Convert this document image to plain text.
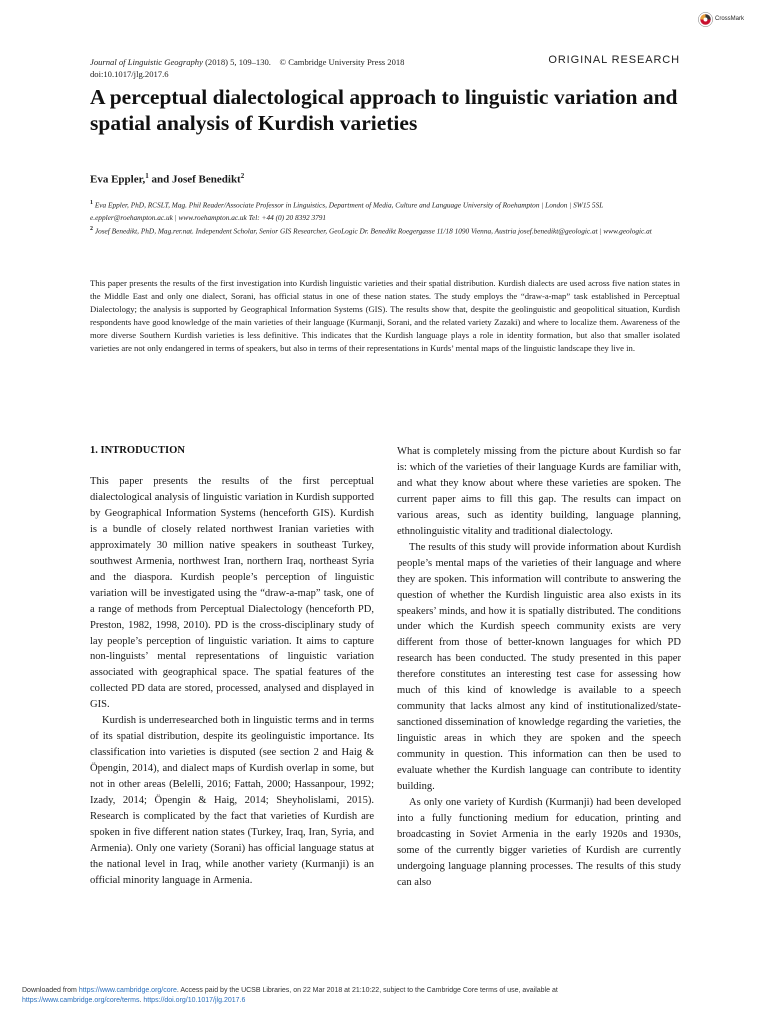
CrossMark
Journal of Linguistic Geography (2018) 5, 109–130. © Cambridge University Press 2018
doi:10.1017/jlg.2017.6
ORIGINAL RESEARCH
A perceptual dialectological approach to linguistic variation and spatial analysis of Kurdish varieties
Eva Eppler,$^1$ and Josef Benedikt$^2$
$^1$ Eva Eppler, PhD, RCSLT, Mag. Phil Reader/Associate Professor in Linguistics, Department of Media, Culture and Language University of Roehampton | London | SW15 5SL e.eppler@roehampton.ac.uk | www.roehampton.ac.uk Tel: +44 (0) 20 8392 3791
$^2$ Josef Benedikt, PhD, Mag.rer.nat. Independent Scholar, Senior GIS Researcher, GeoLogic Dr. Benedikt Roegergasse 11/18 1090 Vienna, Austria josef.benedikt@geologic.at | www.geologic.at
This paper presents the results of the first investigation into Kurdish linguistic varieties and their spatial distribution. Kurdish dialects are used across five nation states in the Middle East and only one dialect, Sorani, has official status in one of these nation states. The study employs the “draw-a-map” task established in Perceptual Dialectology; the analysis is supported by Geographical Information Systems (GIS). The results show that, despite the geolinguistic and geopolitical situation, Kurdish respondents have good knowledge of the main varieties of their language (Kurmanji, Sorani, and the related variety Zazaki) and where to localize them. Awareness of the more diverse Southern Kurdish varieties is less definitive. This indicates that the Kurdish language plays a role in identity formation, but also that smaller isolated varieties are not only endangered in terms of speakers, but also in terms of their representations in Kurds’ mental maps of the linguistic landscape they live in.
1. INTRODUCTION

This paper presents the results of the first perceptual dialectological analysis of linguistic variation in Kurdish supported by Geographical Information Systems (henceforth GIS). Kurdish is a bundle of closely related northwest Iranian varieties with approximately 30 million native speakers in southeast Turkey, southwest Armenia, northwest Iran, northern Iraq, northeast Syria and the diaspora. Kurdish people’s perception of linguistic variation will be investigated using the “draw-a-map” task, one of a range of methods from Perceptual Dialectology (henceforth PD, Preston, 1982, 1998, 2010). PD is the cross-disciplinary study of lay people’s perception of linguistic variation. It aims to capture non-linguists’ mental representations of linguistic variation associated with geographical space. The spatial features of the collected PD data are stored, processed, analysed and displayed in GIS.

Kurdish is underresearched both in linguistic terms and in terms of its spatial distribution, despite its geolinguistic importance. Its classification into varieties is disputed (see section 2 and Haig & Öpengin, 2014), and dialect maps of Kurdish overlap in some, but not in other areas (Belelli, 2016; Fattah, 2000; Hassanpour, 1992; Izady, 2014; Öpengin & Haig, 2014; Sheyholislami, 2015). Research is complicated by the fact that varieties of Kurdish are spoken in five different nation states (Turkey, Iraq, Iran, Syria, and Armenia). Only one variety (Sorani) has official language status at the national level in Iraq, while another variety (Kurmanji) is an official minority language in Armenia.

What is completely missing from the picture about Kurdish so far is: which of the varieties of their language Kurds are familiar with, and what they know about where these varieties are spoken. The current paper aims to fill this gap. The results can impact on various areas, such as identity building, language planning, ethnolinguistic vitality and traditional dialectology.

The results of this study will provide information about Kurdish people’s mental maps of the varieties of their language and where they are spoken. This information will contribute to answering the question of whether the Kurdish linguistic area also exists in its speakers’ minds, and how it is spatially distributed. The conditions under which the Kurdish speech community exists are very different from those of better-known languages for which PD research has been conducted. The study presented in this paper therefore constitutes an interesting test case for assessing how much of this kind of knowledge is available to a speech community that lacks almost any kind of institutionalized/state-sanctioned dissemination of knowledge regarding the varieties, the linguistic areas in which they are spoken and the speech community in question. This information can then be used to evaluate whether the Kurdish language can contribute to identity building.

As only one variety of Kurdish (Kurmanji) had been developed into a fully functioning medium for education, printing and broadcasting in Soviet Armenia in the early 1920s and 1930s, some of the currently bigger varieties of Kurdish are currently undergoing language planning processes. The results of this study can also

Downloaded from https://www.cambridge.org/core. Access paid by the UCSB Libraries, on 22 Mar 2018 at 21:10:22, subject to the Cambridge Core terms of use, available at
https://www.cambridge.org/core/terms. https://doi.org/10.1017/jlg.2017.6
